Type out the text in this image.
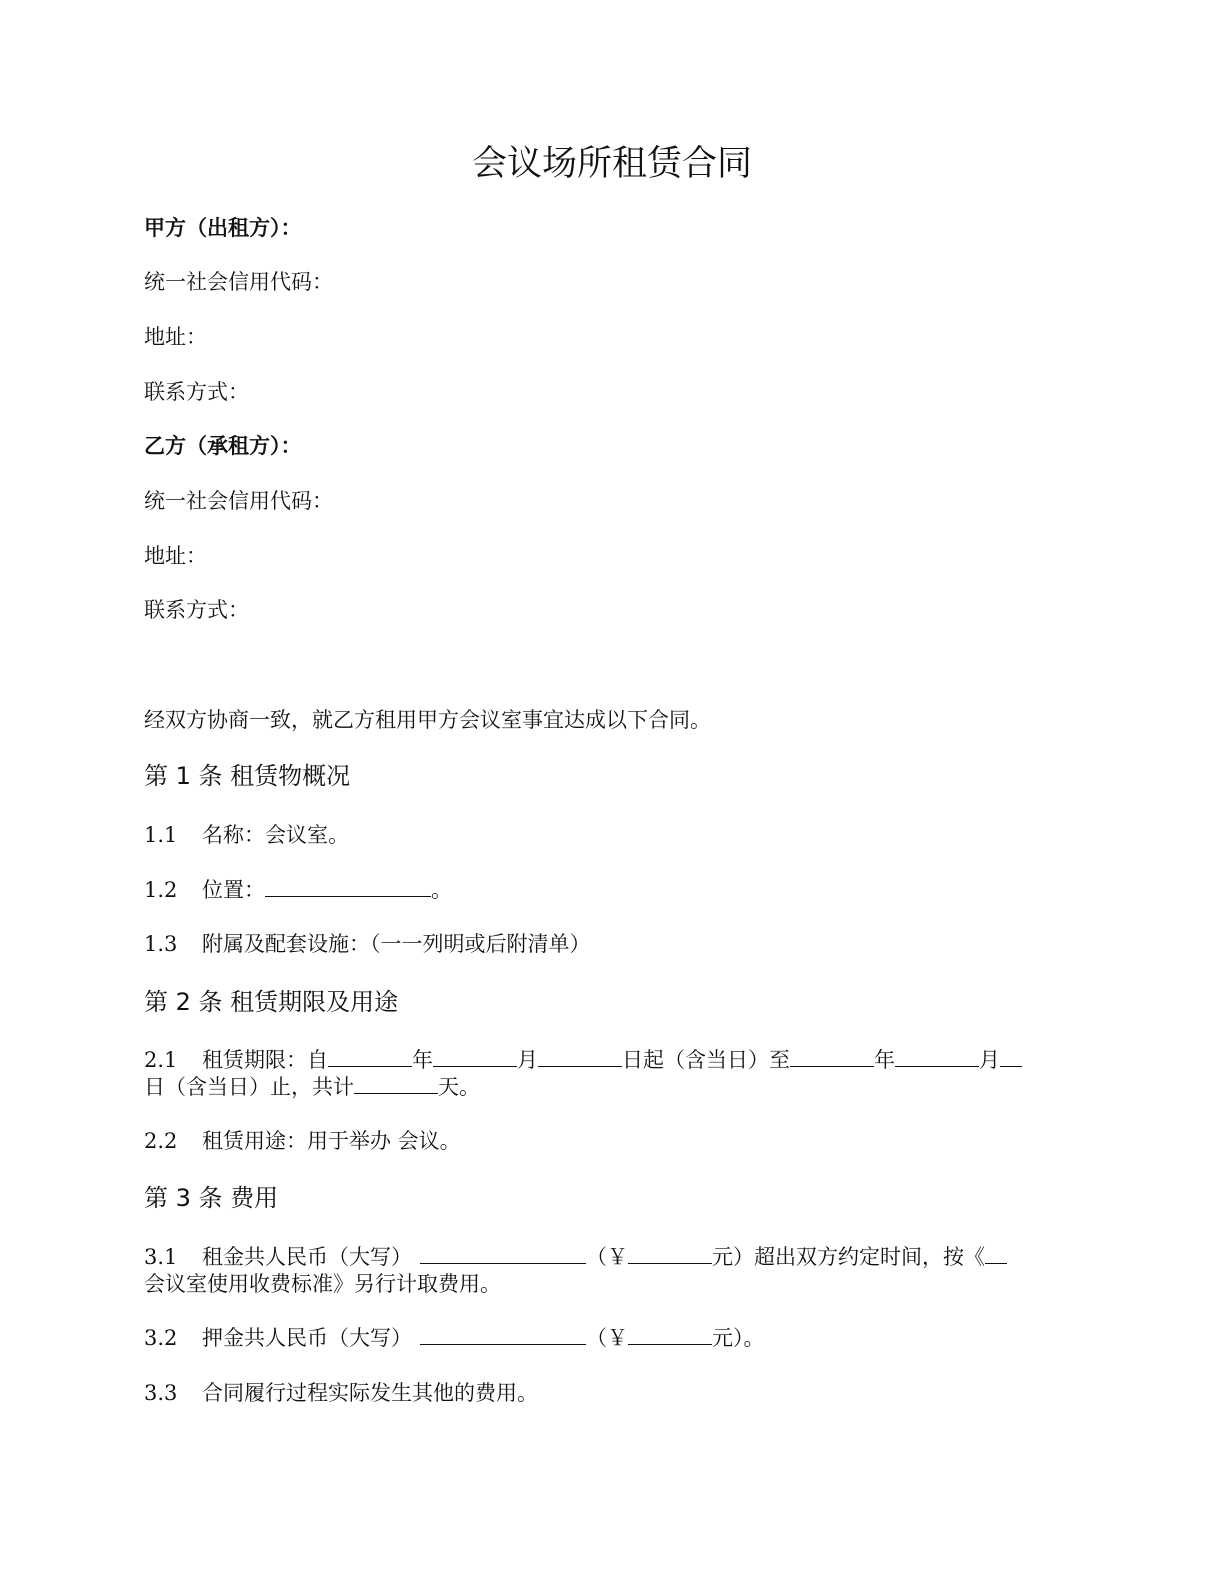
会议场所租赁合同
甲方（出租方）：
统一社会信用代码：
地址：
联系方式：
乙方（承租方）：
统一社会信用代码：
地址：
联系方式：
经双方协商一致，就乙方租用甲方会议室事宜达成以下合同。
第 1 条 租赁物概况
1.1 名称：会议室。
1.2 位置：	。
1.3 附属及配套设施：（一一列明或后附清单）
第 2 条 租赁期限及用途
2.1 租赁期限：自	年	月	日起（含当日）至	年	月
日（含当日）止，共计	天。
2.2 租赁用途：用于举办 会议。
第 3 条 费用
3.1 租金共人民币（大写）	（￥	元）超出双方约定时间，按《
会议室使用收费标准》另行计取费用。
3.2 押金共人民币（大写）	（￥	元）。
3.3 合同履行过程实际发生其他的费用。
